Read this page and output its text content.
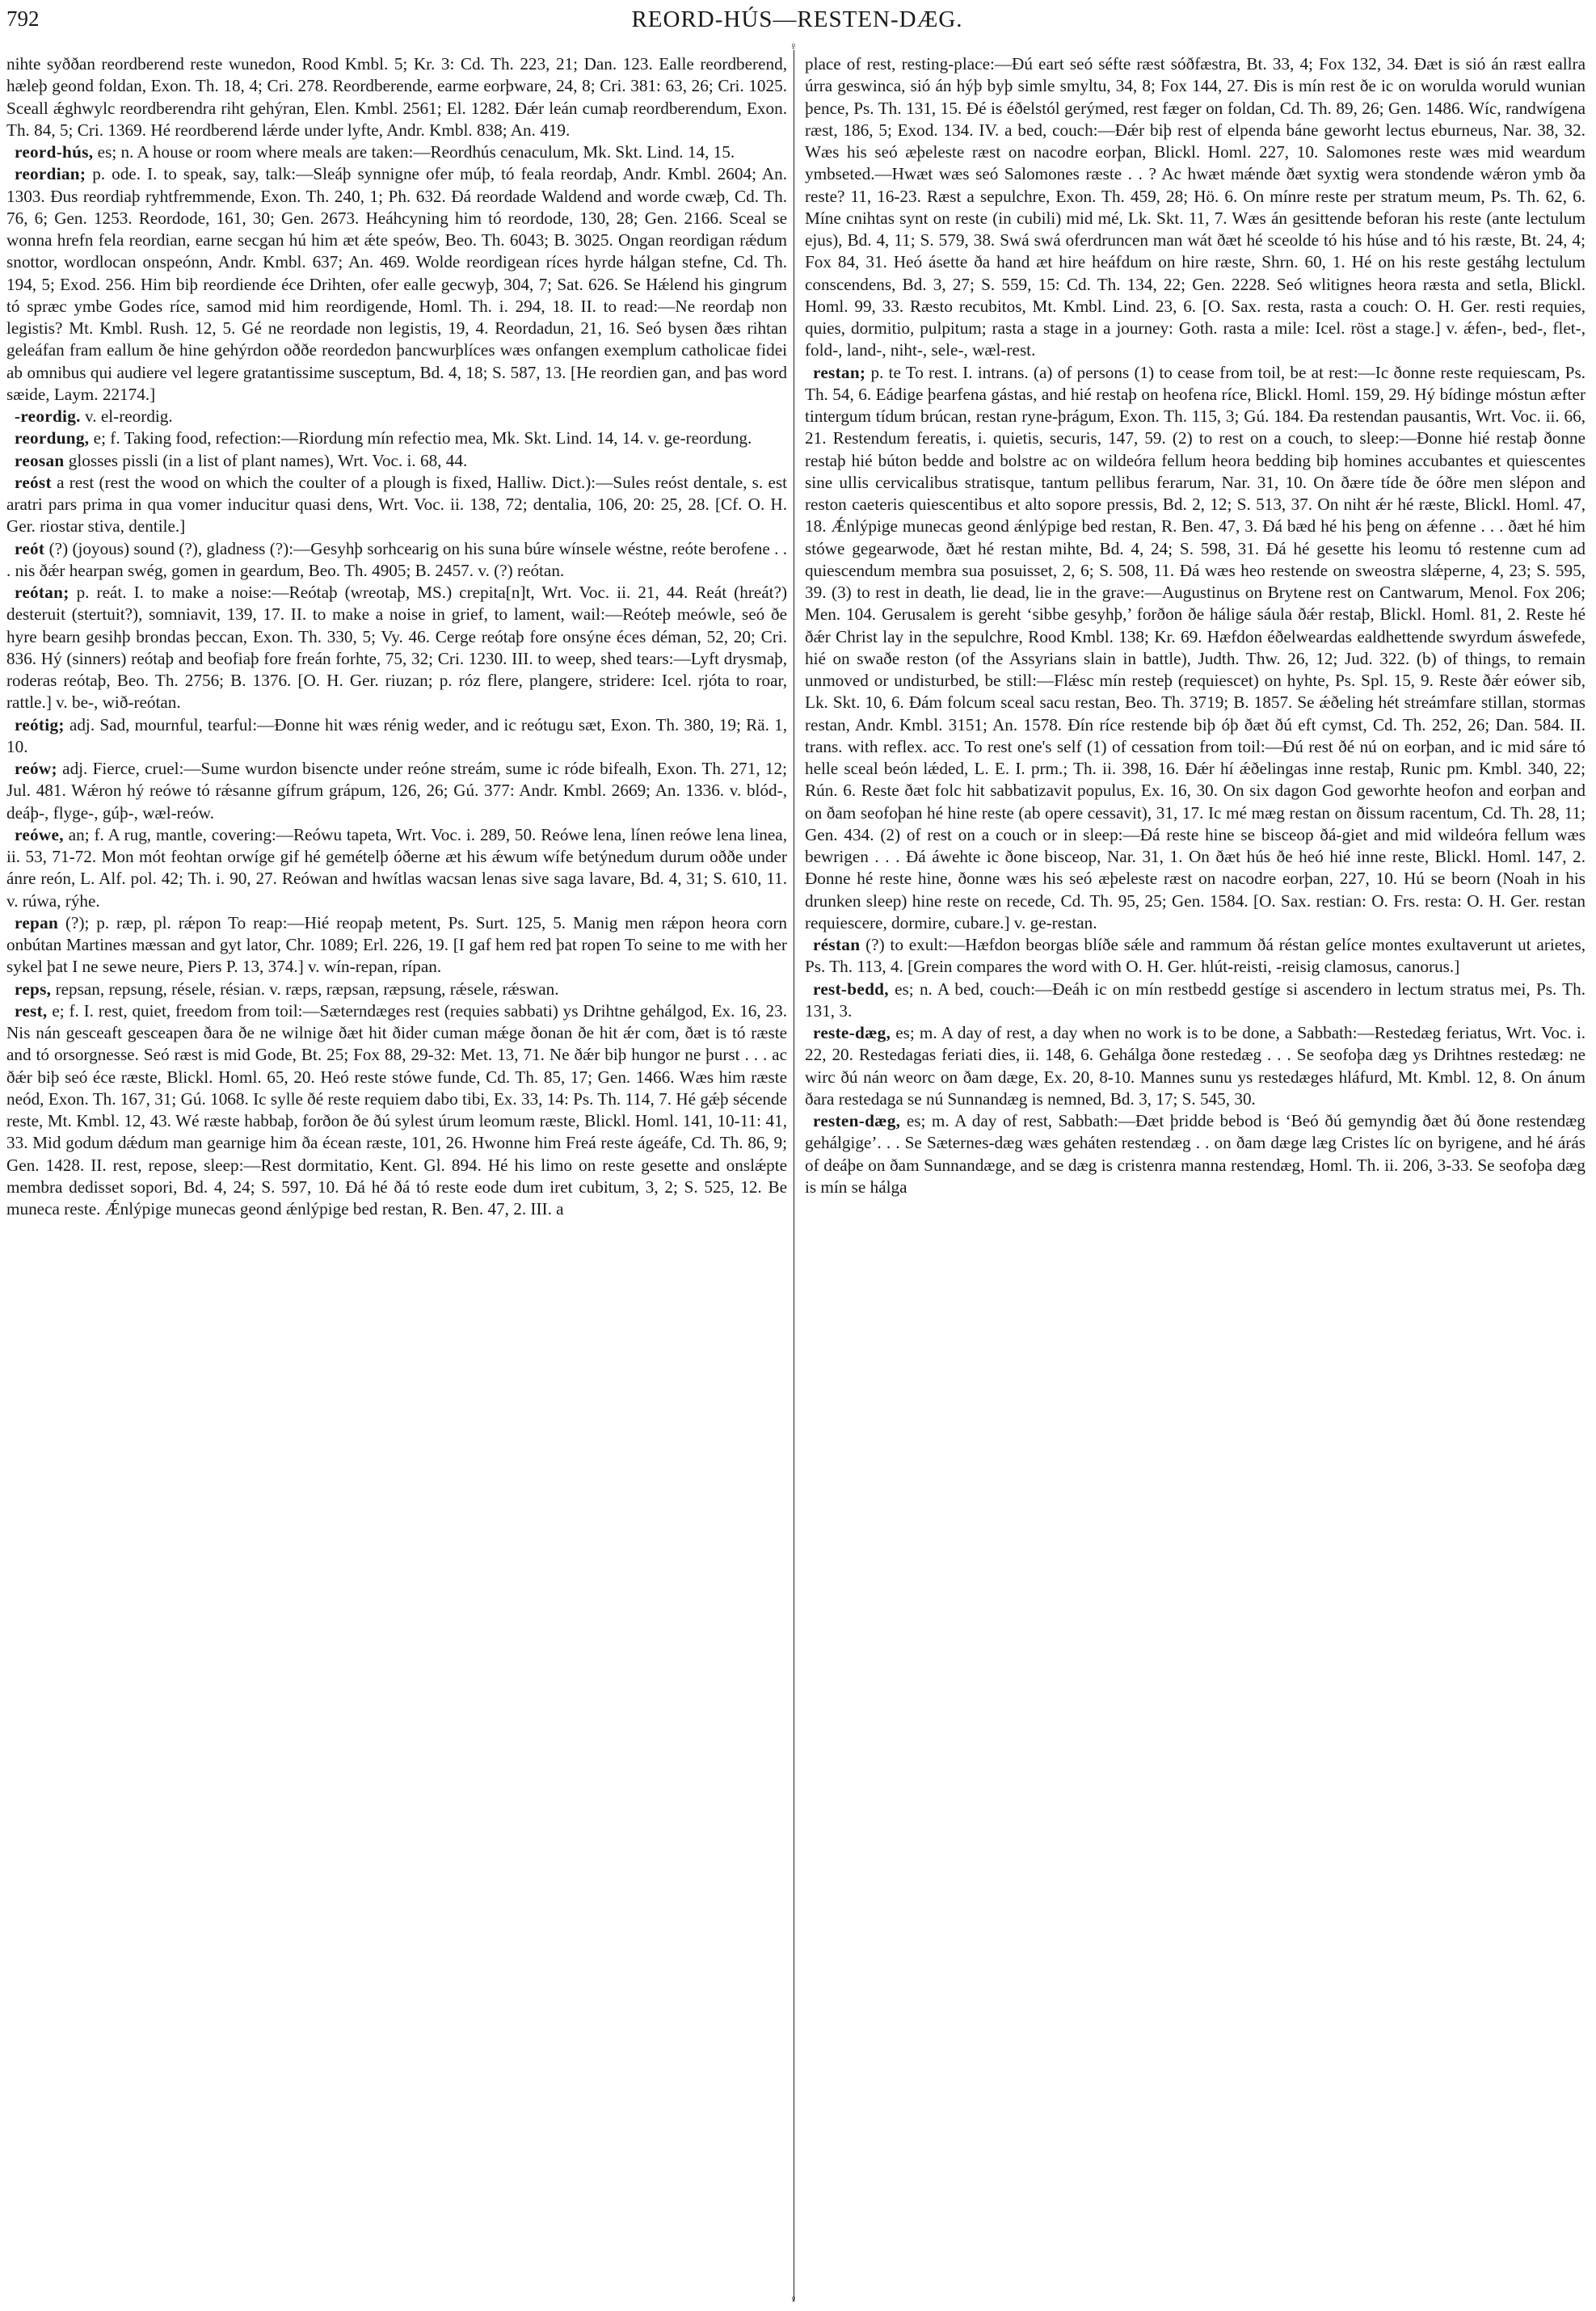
792	REORD-HÚS—RESTEN-DÆG.

nihte syððan reordberend reste wunedon, Rood Kmbl. 5; Kr. 3: Cd. Th. 223, 21; Dan. 123. Ealle reordberend, hæleþ geond foldan, Exon. Th. 18, 4; Cri. 278. Reordberende, earme eorþware, 24, 8; Cri. 381: 63, 26; Cri. 1025. Sceall ǽghwylc reordberendra riht gehýran, Elen. Kmbl. 2561; El. 1282. Ðǽr leán cumaþ reordberendum, Exon. Th. 84, 5; Cri. 1369. Hé reordberend lǽrde under lyfte, Andr. Kmbl. 838; An. 419.

reord-hús, es; n. A house or room where meals are taken:—Reordhús cenaculum, Mk. Skt. Lind. 14, 15.

reordian; p. ode. I. to speak, say, talk:—Sleáþ synnigne ofer múþ, tó feala reordaþ, Andr. Kmbl. 2604; An. 1303. Ðus reordiaþ ryhtfremmende, Exon. Th. 240, 1; Ph. 632. Ðá reordade Waldend and worde cwæþ, Cd. Th. 76, 6; Gen. 1253. Reordode, 161, 30; Gen. 2673. Heáhcyning him tó reordode, 130, 28; Gen. 2166. Sceal se wonna hrefn fela reordian, earne secgan hú him æt ǽte speów, Beo. Th. 6043; B. 3025. Ongan reordigan rǽdum snottor, wordlocan onspeónn, Andr. Kmbl. 637; An. 469. Wolde reordigean ríces hyrde hálgan stefne, Cd. Th. 194, 5; Exod. 256. Him biþ reordiende éce Drihten, ofer ealle gecwyþ, 304, 7; Sat. 626. Se Hǽlend his gingrum tó spræc ymbe Godes ríce, samod mid him reordigende, Homl. Th. i. 294, 18. II. to read:—Ne reordaþ non legistis? Mt. Kmbl. Rush. 12, 5. Gé ne reordade non legistis, 19, 4. Reordadun, 21, 16. Seó bysen ðæs rihtan geleáfan fram eallum ðe hine gehýrdon oððe reordedon þancwurþlíces wæs onfangen exemplum catholicae fidei ab omnibus qui audiere vel legere gratantissime susceptum, Bd. 4, 18; S. 587, 13. [He reordien gan, and þas word sæide, Laym. 22174.]

-reordig. v. el-reordig.

reordung, e; f. Taking food, refection:—Riordung mín refectio mea, Mk. Skt. Lind. 14, 14. v. ge-reordung.

reosan glosses pissli (in a list of plant names), Wrt. Voc. i. 68, 44.

reóst a rest (rest the wood on which the coulter of a plough is fixed, Halliw. Dict.):—Sules reóst dentale, s. est aratri pars prima in qua vomer inducitur quasi dens, Wrt. Voc. ii. 138, 72; dentalia, 106, 20: 25, 28. [Cf. O. H. Ger. riostar stiva, dentile.]

reót (?) (joyous) sound (?), gladness (?):—Gesyhþ sorhcearig on his suna búre wínsele wéstne, reóte berofene . . . nis ðǽr hearpan swég, gomen in geardum, Beo. Th. 4905; B. 2457. v. (?) reótan.

reótan; p. reát. I. to make a noise:—Reótaþ (wreotaþ, MS.) crepita[n]t, Wrt. Voc. ii. 21, 44. Reát (hreát?) desteruit (stertuit?), somniavit, 139, 17. II. to make a noise in grief, to lament, wail:—Reóteþ meówle, seó ðe hyre bearn gesihþ brondas þeccan, Exon. Th. 330, 5; Vy. 46. Cerge reótaþ fore onsýne éces déman, 52, 20; Cri. 836. Hý (sinners) reótaþ and beofiaþ fore freán forhte, 75, 32; Cri. 1230. III. to weep, shed tears:—Lyft drysmaþ, roderas reótaþ, Beo. Th. 2756; B. 1376. [O. H. Ger. riuzan; p. róz flere, plangere, stridere: Icel. rjóta to roar, rattle.] v. be-, wið-reótan.

reótig; adj. Sad, mournful, tearful:—Ðonne hit wæs rénig weder, and ic reótugu sæt, Exon. Th. 380, 19; Rä. 1, 10.

reów; adj. Fierce, cruel:—Sume wurdon bisencte under reóne streám, sume ic róde bifealh, Exon. Th. 271, 12; Jul. 481. Wǽron hý reówe tó rǽsanne gífrum grápum, 126, 26; Gú. 377: Andr. Kmbl. 2669; An. 1336. v. blód-, deáþ-, flyge-, gúþ-, wæl-reów.

reówe, an; f. A rug, mantle, covering:—Reówu tapeta, Wrt. Voc. i. 289, 50. Reówe lena, línen reówe lena linea, ii. 53, 71-72. Mon mót feohtan orwíge gif hé gemételþ óðerne æt his ǽwum wífe betýnedum durum oððe under ánre reón, L. Alf. pol. 42; Th. i. 90, 27. Reówan and hwítlas wacsan lenas sive saga lavare, Bd. 4, 31; S. 610, 11. v. rúwa, rýhe.

repan (?); p. ræp, pl. rǽpon To reap:—Hié reopaþ metent, Ps. Surt. 125, 5. Manig men rǽpon heora corn onbútan Martines mæssan and gyt lator, Chr. 1089; Erl. 226, 19. [I gaf hem red þat ropen To seine to me with her sykel þat I ne sewe neure, Piers P. 13, 374.] v. wín-repan, rípan.

reps, repsan, repsung, résele, résian. v. ræps, ræpsan, ræpsung, rǽsele, rǽswan.

rest, e; f. I. rest, quiet, freedom from toil:—Sæterndæges rest (requies sabbati) ys Drihtne gehálgod, Ex. 16, 23. Nis nán gesceaft gesceapen ðara ðe ne wilnige ðæt hit ðider cuman mǽge ðonan ðe hit ǽr com, ðæt is tó ræste and tó orsorgnesse. Seó ræst is mid Gode, Bt. 25; Fox 88, 29-32: Met. 13, 71. Ne ðǽr biþ hungor ne þurst . . . ac ðǽr biþ seó éce ræste, Blickl. Homl. 65, 20. Heó reste stówe funde, Cd. Th. 85, 17; Gen. 1466. Wæs him ræste neód, Exon. Th. 167, 31; Gú. 1068. Ic sylle ðé reste requiem dabo tibi, Ex. 33, 14: Ps. Th. 114, 7. Hé gǽþ sécende reste, Mt. Kmbl. 12, 43. Wé ræste habbaþ, forðon ðe ðú sylest úrum leomum ræste, Blickl. Homl. 141, 10-11: 41, 33. Mid godum dǽdum man gearnige him ða écean ræste, 101, 26. Hwonne him Freá reste ágeáfe, Cd. Th. 86, 9; Gen. 1428. II. rest, repose, sleep:—Rest dormitatio, Kent. Gl. 894. Hé his limo on reste gesette and onslǽpte membra dedisset sopori, Bd. 4, 24; S. 597, 10. Ðá hé ðá tó reste eode dum iret cubitum, 3, 2; S. 525, 12. Be muneca reste. Ǽnlýpige munecas geond ǽnlýpige bed restan, R. Ben. 47, 2. III. a

♀
♀

place of rest, resting-place:—Ðú eart seó séfte ræst sóðfæstra, Bt. 33, 4; Fox 132, 34. Ðæt is sió án ræst eallra úrra geswinca, sió án hýþ byþ simle smyltu, 34, 8; Fox 144, 27. Ðis is mín rest ðe ic on worulda woruld wunian þence, Ps. Th. 131, 15. Ðé is éðelstól gerýmed, rest fæger on foldan, Cd. Th. 89, 26; Gen. 1486. Wíc, randwígena ræst, 186, 5; Exod. 134. IV. a bed, couch:—Ðǽr biþ rest of elpenda báne geworht lectus eburneus, Nar. 38, 32. Wæs his seó æþeleste ræst on nacodre eorþan, Blickl. Homl. 227, 10. Salomones reste wæs mid weardum ymbseted.—Hwæt wæs seó Salomones ræste . . ? Ac hwæt mǽnde ðæt syxtig wera stondende wǽron ymb ða reste? 11, 16-23. Ræst a sepulchre, Exon. Th. 459, 28; Hö. 6. On mínre reste per stratum meum, Ps. Th. 62, 6. Míne cnihtas synt on reste (in cubili) mid mé, Lk. Skt. 11, 7. Wæs án gesittende beforan his reste (ante lectulum ejus), Bd. 4, 11; S. 579, 38. Swá swá oferdruncen man wát ðæt hé sceolde tó his húse and tó his ræste, Bt. 24, 4; Fox 84, 31. Heó ásette ða hand æt hire heáfdum on hire ræste, Shrn. 60, 1. Hé on his reste gestáhg lectulum conscendens, Bd. 3, 27; S. 559, 15: Cd. Th. 134, 22; Gen. 2228. Seó wlitignes heora ræsta and setla, Blickl. Homl. 99, 33. Ræsto recubitos, Mt. Kmbl. Lind. 23, 6. [O. Sax. resta, rasta a couch: O. H. Ger. resti requies, quies, dormitio, pulpitum; rasta a stage in a journey: Goth. rasta a mile: Icel. röst a stage.] v. ǽfen-, bed-, flet-, fold-, land-, niht-, sele-, wæl-rest.

restan; p. te To rest. I. intrans. (a) of persons (1) to cease from toil, be at rest:—Ic ðonne reste requiescam, Ps. Th. 54, 6. Eádige þearfena gástas, and hié restaþ on heofena ríce, Blickl. Homl. 159, 29. Hý bídinge móstun æfter tintergum tídum brúcan, restan ryne-þrágum, Exon. Th. 115, 3; Gú. 184. Ða restendan pausantis, Wrt. Voc. ii. 66, 21. Restendum fereatis, i. quietis, securis, 147, 59. (2) to rest on a couch, to sleep:—Ðonne hié restaþ ðonne restaþ hié búton bedde and bolstre ac on wildeóra fellum heora bedding biþ homines accubantes et quiescentes sine ullis cervicalibus stratisque, tantum pellibus ferarum, Nar. 31, 10. On ðære tíde ðe óðre men slépon and reston caeteris quiescentibus et alto sopore pressis, Bd. 2, 12; S. 513, 37. On niht ǽr hé ræste, Blickl. Homl. 47, 18. Ǽnlýpige munecas geond ǽnlýpige bed restan, R. Ben. 47, 3. Ðá bæd hé his þeng on ǽfenne . . . ðæt hé him stówe gegearwode, ðæt hé restan mihte, Bd. 4, 24; S. 598, 31. Ðá hé gesette his leomu tó restenne cum ad quiescendum membra sua posuisset, 2, 6; S. 508, 11. Ðá wæs heo restende on sweostra slǽperne, 4, 23; S. 595, 39. (3) to rest in death, lie dead, lie in the grave:—Augustinus on Brytene rest on Cantwarum, Menol. Fox 206; Men. 104. Gerusalem is gereht ‘sibbe gesyhþ,’ forðon ðe hálige sáula ðǽr restaþ, Blickl. Homl. 81, 2. Reste hé ðǽr Christ lay in the sepulchre, Rood Kmbl. 138; Kr. 69. Hæfdon éðelweardas ealdhettende swyrdum áswefede, hié on swaðe reston (of the Assyrians slain in battle), Judth. Thw. 26, 12; Jud. 322. (b) of things, to remain unmoved or undisturbed, be still:—Flǽsc mín resteþ (requiescet) on hyhte, Ps. Spl. 15, 9. Reste ðǽr eówer sib, Lk. Skt. 10, 6. Ðám folcum sceal sacu restan, Beo. Th. 3719; B. 1857. Se ǽðeling hét streámfare stillan, stormas restan, Andr. Kmbl. 3151; An. 1578. Ðín ríce restende biþ óþ ðæt ðú eft cymst, Cd. Th. 252, 26; Dan. 584. II. trans. with reflex. acc. To rest one's self (1) of cessation from toil:—Ðú rest ðé nú on eorþan, and ic mid sáre tó helle sceal beón lǽded, L. E. I. prm.; Th. ii. 398, 16. Ðǽr hí ǽðelingas inne restaþ, Runic pm. Kmbl. 340, 22; Rún. 6. Reste ðæt folc hit sabbatizavit populus, Ex. 16, 30. On six dagon God geworhte heofon and eorþan and on ðam seofoþan hé hine reste (ab opere cessavit), 31, 17. Ic mé mæg restan on ðissum racentum, Cd. Th. 28, 11; Gen. 434. (2) of rest on a couch or in sleep:—Ðá reste hine se bisceop ðá-giet and mid wildeóra fellum wæs bewrigen . . . Ðá áwehte ic ðone bisceop, Nar. 31, 1. On ðæt hús ðe heó hié inne reste, Blickl. Homl. 147, 2. Ðonne hé reste hine, ðonne wæs his seó æþeleste ræst on nacodre eorþan, 227, 10. Hú se beorn (Noah in his drunken sleep) hine reste on recede, Cd. Th. 95, 25; Gen. 1584. [O. Sax. restian: O. Frs. resta: O. H. Ger. restan requiescere, dormire, cubare.] v. ge-restan.

réstan (?) to exult:—Hæfdon beorgas blíðe sǽle and rammum ðá réstan gelíce montes exultaverunt ut arietes, Ps. Th. 113, 4. [Grein compares the word with O. H. Ger. hlút-reisti, -reisig clamosus, canorus.]

rest-bedd, es; n. A bed, couch:—Ðeáh ic on mín restbedd gestíge si ascendero in lectum stratus mei, Ps. Th. 131, 3.

reste-dæg, es; m. A day of rest, a day when no work is to be done, a Sabbath:—Restedæg feriatus, Wrt. Voc. i. 22, 20. Restedagas feriati dies, ii. 148, 6. Gehálga ðone restedæg . . . Se seofoþa dæg ys Drihtnes restedæg: ne wirc ðú nán weorc on ðam dæge, Ex. 20, 8-10. Mannes sunu ys restedæges hláfurd, Mt. Kmbl. 12, 8. On ánum ðara restedaga se nú Sunnandæg is nemned, Bd. 3, 17; S. 545, 30.

resten-dæg, es; m. A day of rest, Sabbath:—Ðæt þridde bebod is ‘Beó ðú gemyndig ðæt ðú ðone restendæg gehálgige’. . . Se Sæternes-dæg wæs geháten restendæg . . on ðam dæge læg Cristes líc on byrigene, and hé árás of deáþe on ðam Sunnandæge, and se dæg is cristenra manna restendæg, Homl. Th. ii. 206, 3-33. Se seofoþa dæg is mín se hálga
